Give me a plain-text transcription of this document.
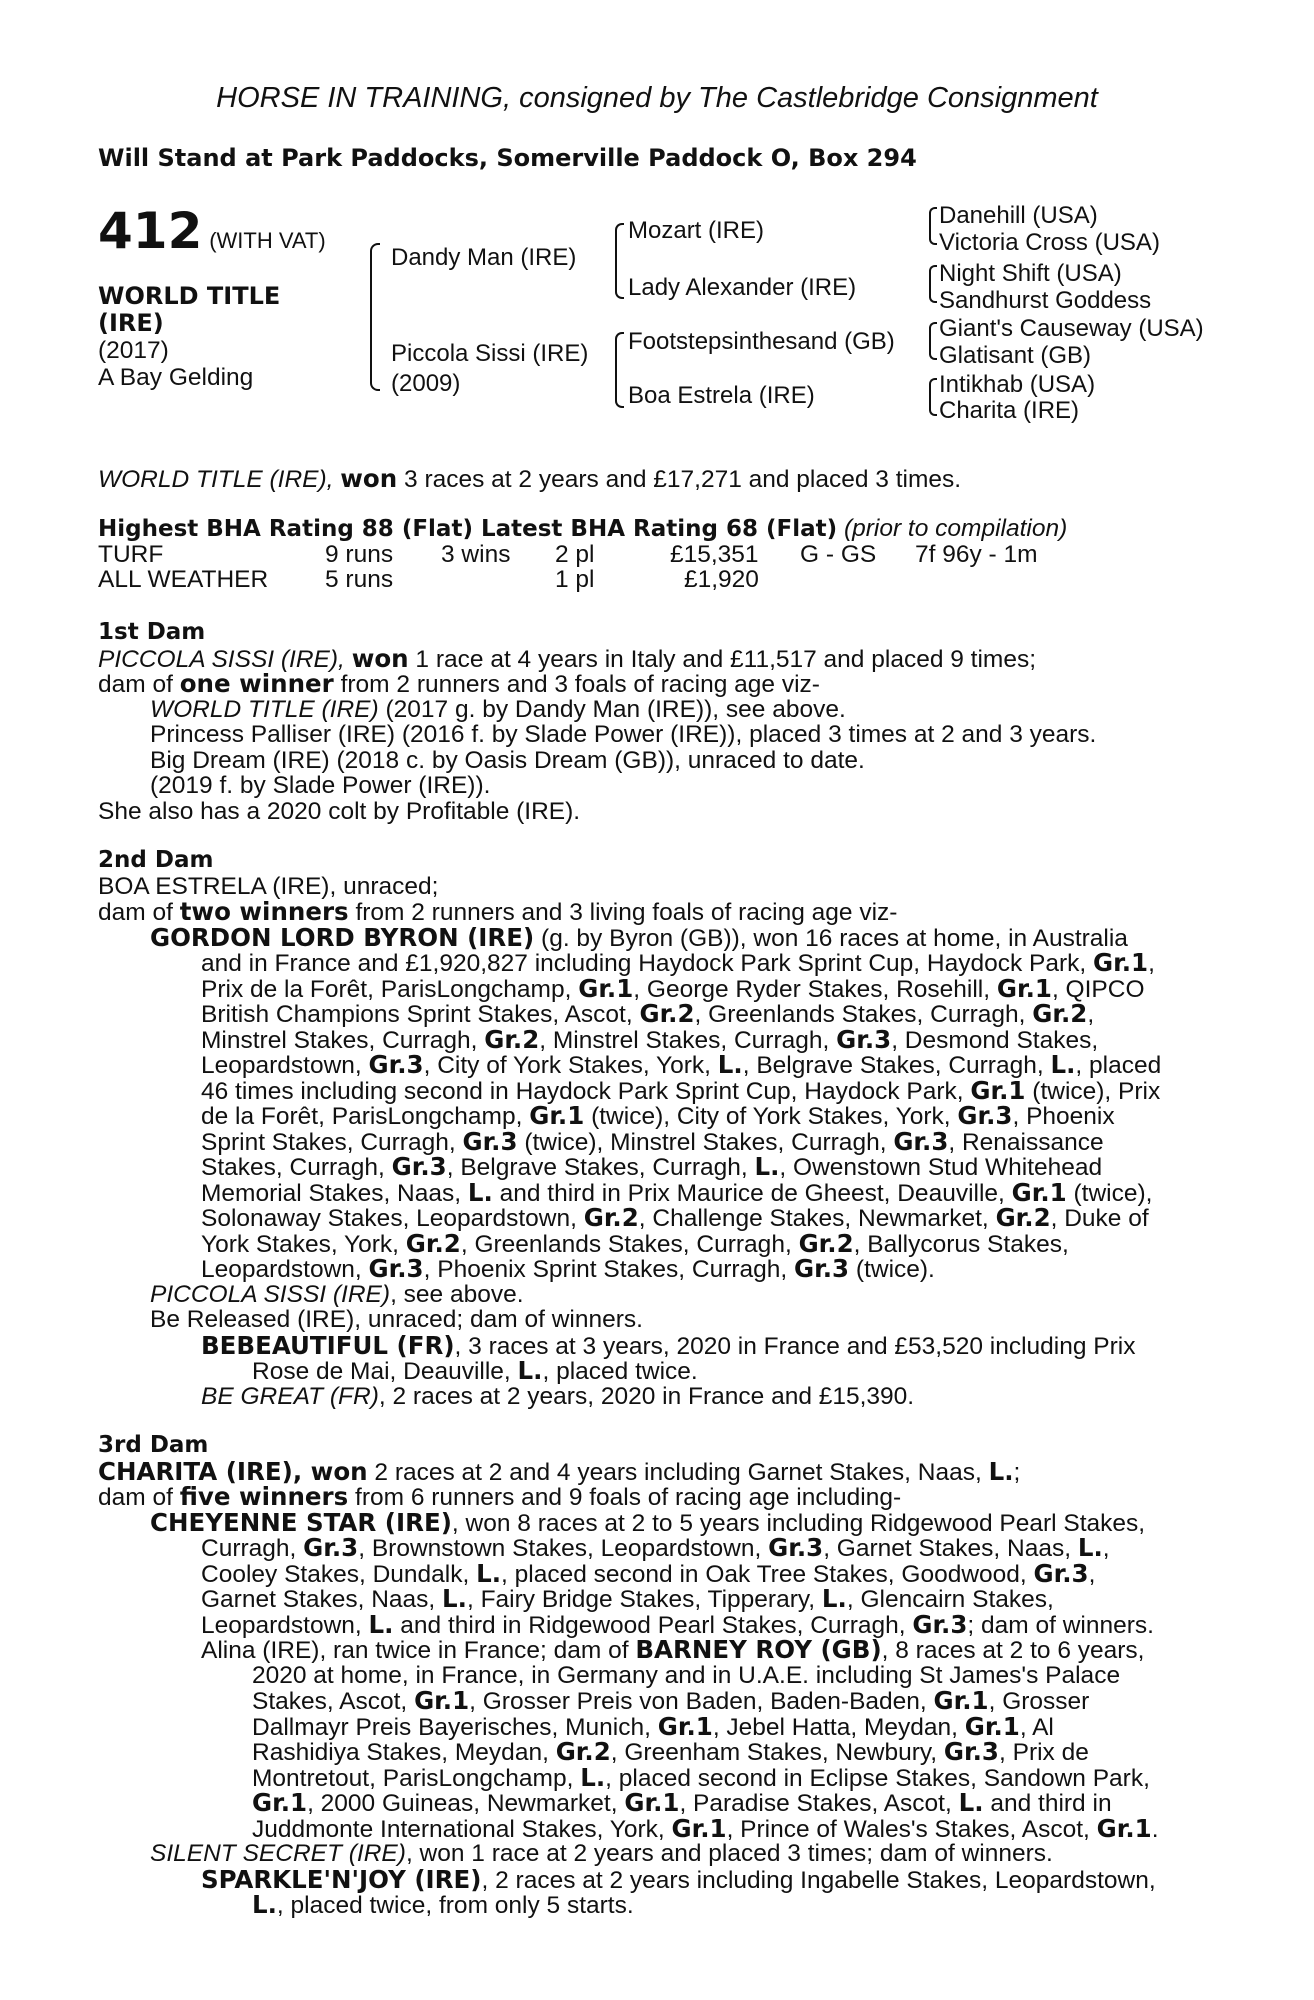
HORSE IN TRAINING, consigned by The Castlebridge Consignment
Will Stand at Park Paddocks, Somerville Paddock O, Box 294
412 (WITH VAT)
WORLD TITLE
(IRE)
(2017)
A Bay Gelding
Dandy Man (IRE)
Piccola Sissi (IRE)
(2009)
Mozart (IRE)
Lady Alexander (IRE)
Footstepsinthesand (GB)
Boa Estrela (IRE)
Danehill (USA)
Victoria Cross (USA)
Night Shift (USA)
Sandhurst Goddess
Giant's Causeway (USA)
Glatisant (GB)
Intikhab (USA)
Charita (IRE)
WORLD TITLE (IRE), won 3 races at 2 years and £17,271 and placed 3 times.
Highest BHA Rating 88 (Flat) Latest BHA Rating 68 (Flat) (prior to compilation)
TURF	9 runs 3 wins 2 pl	£15,351 G - GS 7f 96y - 1m
ALL WEATHER 5 runs	1 pl	£1,920
1st Dam
PICCOLA SISSI (IRE), won 1 race at 4 years in Italy and £11,517 and placed 9 times;
dam of one winner from 2 runners and 3 foals of racing age viz-
WORLD TITLE (IRE) (2017 g. by Dandy Man (IRE)), see above.
Princess Palliser (IRE) (2016 f. by Slade Power (IRE)), placed 3 times at 2 and 3 years.
Big Dream (IRE) (2018 c. by Oasis Dream (GB)), unraced to date.
(2019 f. by Slade Power (IRE)).
She also has a 2020 colt by Profitable (IRE).
2nd Dam
BOA ESTRELA (IRE), unraced;
dam of two winners from 2 runners and 3 living foals of racing age viz-
GORDON LORD BYRON (IRE) (g. by Byron (GB)), won 16 races at home, in Australia
and in France and £1,920,827 including Haydock Park Sprint Cup, Haydock Park, Gr.1,
Prix de la Forêt, ParisLongchamp, Gr.1, George Ryder Stakes, Rosehill, Gr.1, QIPCO
British Champions Sprint Stakes, Ascot, Gr.2, Greenlands Stakes, Curragh, Gr.2,
Minstrel Stakes, Curragh, Gr.2, Minstrel Stakes, Curragh, Gr.3, Desmond Stakes,
Leopardstown, Gr.3, City of York Stakes, York, L., Belgrave Stakes, Curragh, L., placed
46 times including second in Haydock Park Sprint Cup, Haydock Park, Gr.1 (twice), Prix
de la Forêt, ParisLongchamp, Gr.1 (twice), City of York Stakes, York, Gr.3, Phoenix
Sprint Stakes, Curragh, Gr.3 (twice), Minstrel Stakes, Curragh, Gr.3, Renaissance
Stakes, Curragh, Gr.3, Belgrave Stakes, Curragh, L., Owenstown Stud Whitehead
Memorial Stakes, Naas, L. and third in Prix Maurice de Gheest, Deauville, Gr.1 (twice),
Solonaway Stakes, Leopardstown, Gr.2, Challenge Stakes, Newmarket, Gr.2, Duke of
York Stakes, York, Gr.2, Greenlands Stakes, Curragh, Gr.2, Ballycorus Stakes,
Leopardstown, Gr.3, Phoenix Sprint Stakes, Curragh, Gr.3 (twice).
PICCOLA SISSI (IRE), see above.
Be Released (IRE), unraced; dam of winners.
BEBEAUTIFUL (FR), 3 races at 3 years, 2020 in France and £53,520 including Prix
Rose de Mai, Deauville, L., placed twice.
BE GREAT (FR), 2 races at 2 years, 2020 in France and £15,390.
3rd Dam
CHARITA (IRE), won 2 races at 2 and 4 years including Garnet Stakes, Naas, L.;
dam of five winners from 6 runners and 9 foals of racing age including-
CHEYENNE STAR (IRE), won 8 races at 2 to 5 years including Ridgewood Pearl Stakes,
Curragh, Gr.3, Brownstown Stakes, Leopardstown, Gr.3, Garnet Stakes, Naas, L.,
Cooley Stakes, Dundalk, L., placed second in Oak Tree Stakes, Goodwood, Gr.3,
Garnet Stakes, Naas, L., Fairy Bridge Stakes, Tipperary, L., Glencairn Stakes,
Leopardstown, L. and third in Ridgewood Pearl Stakes, Curragh, Gr.3; dam of winners.
Alina (IRE), ran twice in France; dam of BARNEY ROY (GB), 8 races at 2 to 6 years,
2020 at home, in France, in Germany and in U.A.E. including St James's Palace
Stakes, Ascot, Gr.1, Grosser Preis von Baden, Baden-Baden, Gr.1, Grosser
Dallmayr Preis Bayerisches, Munich, Gr.1, Jebel Hatta, Meydan, Gr.1, Al
Rashidiya Stakes, Meydan, Gr.2, Greenham Stakes, Newbury, Gr.3, Prix de
Montretout, ParisLongchamp, L., placed second in Eclipse Stakes, Sandown Park,
Gr.1, 2000 Guineas, Newmarket, Gr.1, Paradise Stakes, Ascot, L. and third in
Juddmonte International Stakes, York, Gr.1, Prince of Wales's Stakes, Ascot, Gr.1.
SILENT SECRET (IRE), won 1 race at 2 years and placed 3 times; dam of winners.
SPARKLE'N'JOY (IRE), 2 races at 2 years including Ingabelle Stakes, Leopardstown,
L., placed twice, from only 5 starts.
